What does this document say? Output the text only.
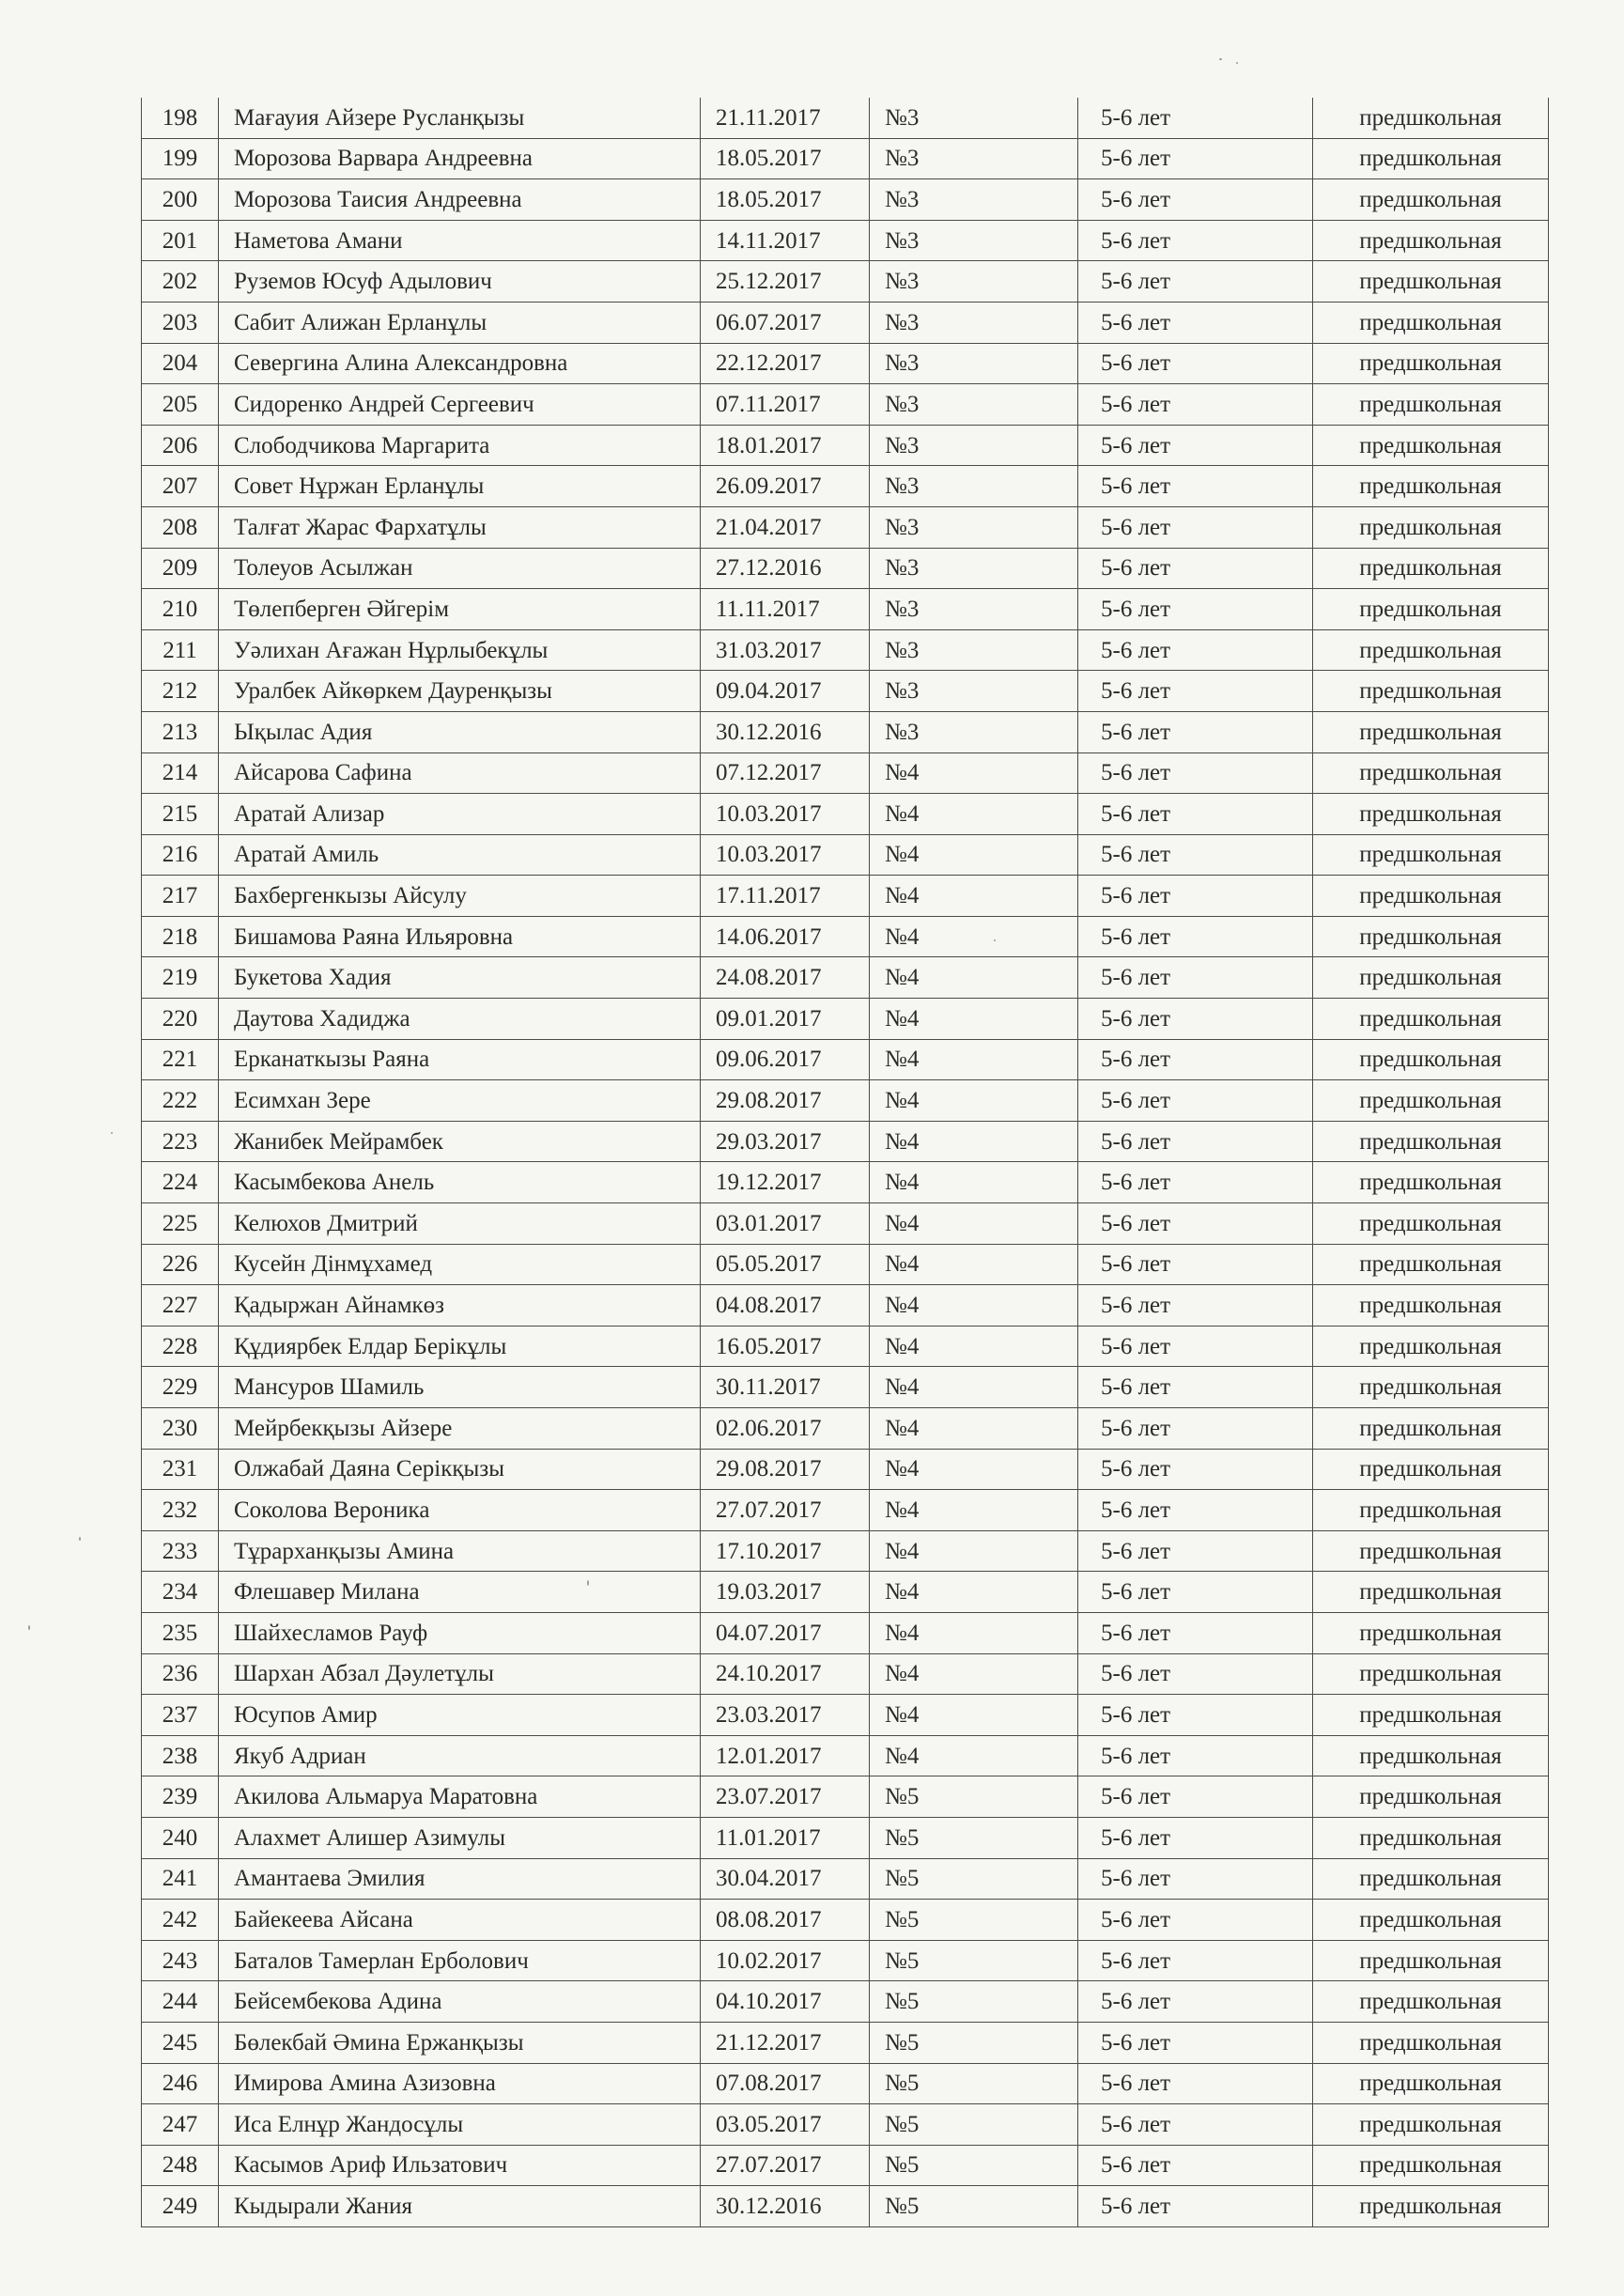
198	Мағауия Айзере Русланқызы	21.11.2017	№3	5-6 лет	предшкольная
199	Морозова Варвара Андреевна	18.05.2017	№3	5-6 лет	предшкольная
200	Морозова Таисия Андреевна	18.05.2017	№3	5-6 лет	предшкольная
201	Наметова Амани	14.11.2017	№3	5-6 лет	предшкольная
202	Руземов Юсуф Адылович	25.12.2017	№3	5-6 лет	предшкольная
203	Сабит Алижан Ерланұлы	06.07.2017	№3	5-6 лет	предшкольная
204	Севергина Алина Александровна	22.12.2017	№3	5-6 лет	предшкольная
205	Сидоренко Андрей Сергеевич	07.11.2017	№3	5-6 лет	предшкольная
206	Слободчикова Маргарита	18.01.2017	№3	5-6 лет	предшкольная
207	Совет Нұржан Ерланұлы	26.09.2017	№3	5-6 лет	предшкольная
208	Талғат Жарас Фархатұлы	21.04.2017	№3	5-6 лет	предшкольная
209	Толеуов Асылжан	27.12.2016	№3	5-6 лет	предшкольная
210	Төлепберген Әйгерім	11.11.2017	№3	5-6 лет	предшкольная
211	Уәлихан Ағажан Нұрлыбекұлы	31.03.2017	№3	5-6 лет	предшкольная
212	Уралбек Айкөркем Дауренқызы	09.04.2017	№3	5-6 лет	предшкольная
213	Ықылас Адия	30.12.2016	№3	5-6 лет	предшкольная
214	Айсарова Сафина	07.12.2017	№4	5-6 лет	предшкольная
215	Аратай Ализар	10.03.2017	№4	5-6 лет	предшкольная
216	Аратай Амиль	10.03.2017	№4	5-6 лет	предшкольная
217	Бахбергенкызы Айсулу	17.11.2017	№4	5-6 лет	предшкольная
218	Бишамова Раяна Ильяровна	14.06.2017	№4	5-6 лет	предшкольная
219	Букетова Хадия	24.08.2017	№4	5-6 лет	предшкольная
220	Даутова Хадиджа	09.01.2017	№4	5-6 лет	предшкольная
221	Ерканаткызы Раяна	09.06.2017	№4	5-6 лет	предшкольная
222	Есимхан Зере	29.08.2017	№4	5-6 лет	предшкольная
223	Жанибек Мейрамбек	29.03.2017	№4	5-6 лет	предшкольная
224	Касымбекова Анель	19.12.2017	№4	5-6 лет	предшкольная
225	Келюхов Дмитрий	03.01.2017	№4	5-6 лет	предшкольная
226	Кусейн Дінмұхамед	05.05.2017	№4	5-6 лет	предшкольная
227	Қадыржан Айнамкөз	04.08.2017	№4	5-6 лет	предшкольная
228	Құдиярбек Елдар Берікұлы	16.05.2017	№4	5-6 лет	предшкольная
229	Мансуров Шамиль	30.11.2017	№4	5-6 лет	предшкольная
230	Мейрбекқызы Айзере	02.06.2017	№4	5-6 лет	предшкольная
231	Олжабай Даяна Серікқызы	29.08.2017	№4	5-6 лет	предшкольная
232	Соколова Вероника	27.07.2017	№4	5-6 лет	предшкольная
233	Тұрарханқызы Амина	17.10.2017	№4	5-6 лет	предшкольная
234	Флешавер Милана	19.03.2017	№4	5-6 лет	предшкольная
235	Шайхесламов Рауф	04.07.2017	№4	5-6 лет	предшкольная
236	Шархан Абзал Дәулетұлы	24.10.2017	№4	5-6 лет	предшкольная
237	Юсупов Амир	23.03.2017	№4	5-6 лет	предшкольная
238	Якуб Адриан	12.01.2017	№4	5-6 лет	предшкольная
239	Акилова Альмаруа Маратовна	23.07.2017	№5	5-6 лет	предшкольная
240	Алахмет Алишер Азимулы	11.01.2017	№5	5-6 лет	предшкольная
241	Амантаева Эмилия	30.04.2017	№5	5-6 лет	предшкольная
242	Байекеева Айсана	08.08.2017	№5	5-6 лет	предшкольная
243	Баталов Тамерлан Ерболович	10.02.2017	№5	5-6 лет	предшкольная
244	Бейсембекова Адина	04.10.2017	№5	5-6 лет	предшкольная
245	Бөлекбай Әмина Ержанқызы	21.12.2017	№5	5-6 лет	предшкольная
246	Имирова Амина Азизовна	07.08.2017	№5	5-6 лет	предшкольная
247	Иса Елнұр Жандосұлы	03.05.2017	№5	5-6 лет	предшкольная
248	Касымов Ариф Ильзатович	27.07.2017	№5	5-6 лет	предшкольная
249	Кыдырали Жания	30.12.2016	№5	5-6 лет	предшкольная
